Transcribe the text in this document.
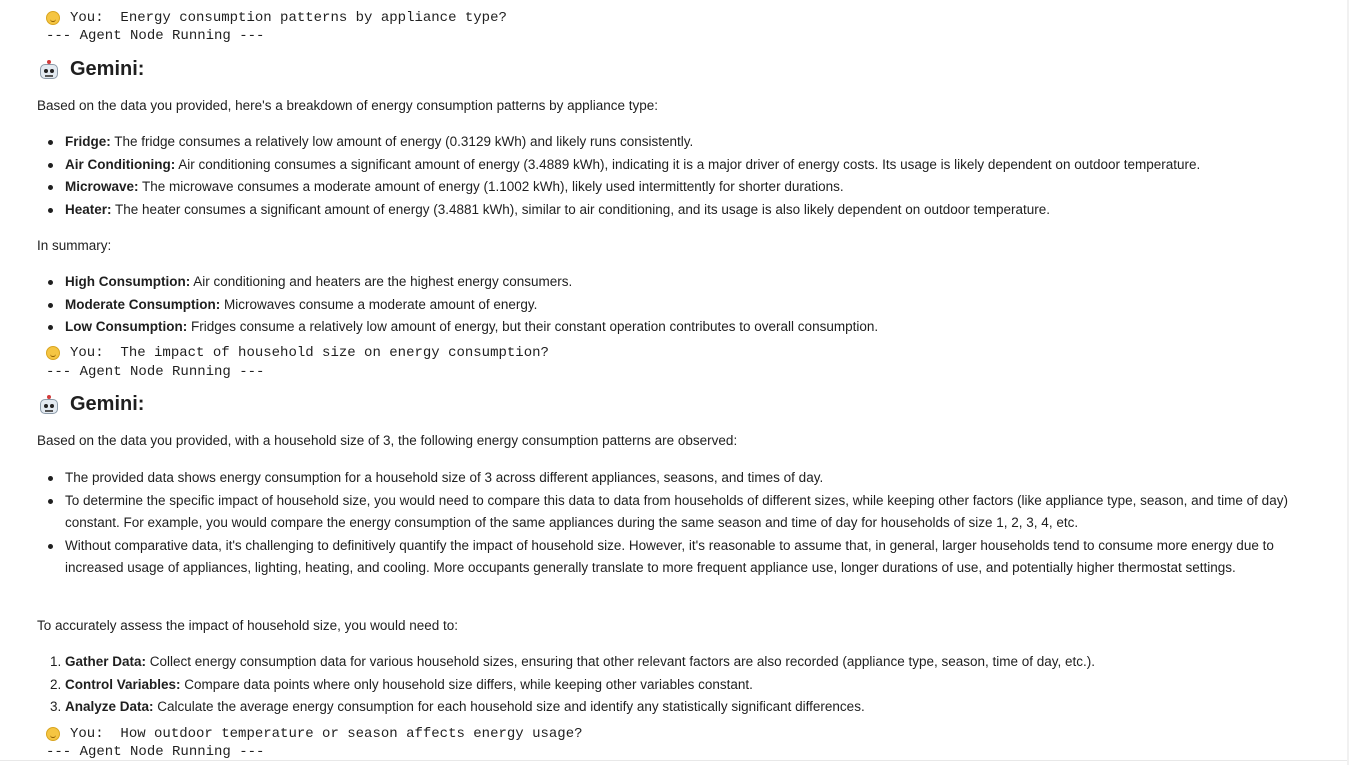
You:
Energy consumption patterns by appliance type?
--- Agent Node Running ---
Gemini:
Based on the data you provided, here's a breakdown of energy consumption patterns by appliance type:
Fridge: The fridge consumes a relatively low amount of energy (0.3129 kWh) and likely runs consistently.
Air Conditioning: Air conditioning consumes a significant amount of energy (3.4889 kWh), indicating it is a major driver of energy costs. Its usage is likely dependent on outdoor temperature.
Microwave: The microwave consumes a moderate amount of energy (1.1002 kWh), likely used intermittently for shorter durations.
Heater: The heater consumes a significant amount of energy (3.4881 kWh), similar to air conditioning, and its usage is also likely dependent on outdoor temperature.
In summary:
High Consumption: Air conditioning and heaters are the highest energy consumers.
Moderate Consumption: Microwaves consume a moderate amount of energy.
Low Consumption: Fridges consume a relatively low amount of energy, but their constant operation contributes to overall consumption.
You:
The impact of household size on energy consumption?
--- Agent Node Running ---
Gemini:
Based on the data you provided, with a household size of 3, the following energy consumption patterns are observed:
The provided data shows energy consumption for a household size of 3 across different appliances, seasons, and times of day.
To determine the specific impact of household size, you would need to compare this data to data from households of different sizes, while keeping other factors (like appliance type, season, and time of day) constant. For example, you would compare the energy consumption of the same appliances during the same season and time of day for households of size 1, 2, 3, 4, etc.
Without comparative data, it's challenging to definitively quantify the impact of household size. However, it's reasonable to assume that, in general, larger households tend to consume more energy due to increased usage of appliances, lighting, heating, and cooling. More occupants generally translate to more frequent appliance use, longer durations of use, and potentially higher thermostat settings.
To accurately assess the impact of household size, you would need to:
1. Gather Data: Collect energy consumption data for various household sizes, ensuring that other relevant factors are also recorded (appliance type, season, time of day, etc.).
2. Control Variables: Compare data points where only household size differs, while keeping other variables constant.
3. Analyze Data: Calculate the average energy consumption for each household size and identify any statistically significant differences.
You:
How outdoor temperature or season affects energy usage?
--- Agent Node Running ---
